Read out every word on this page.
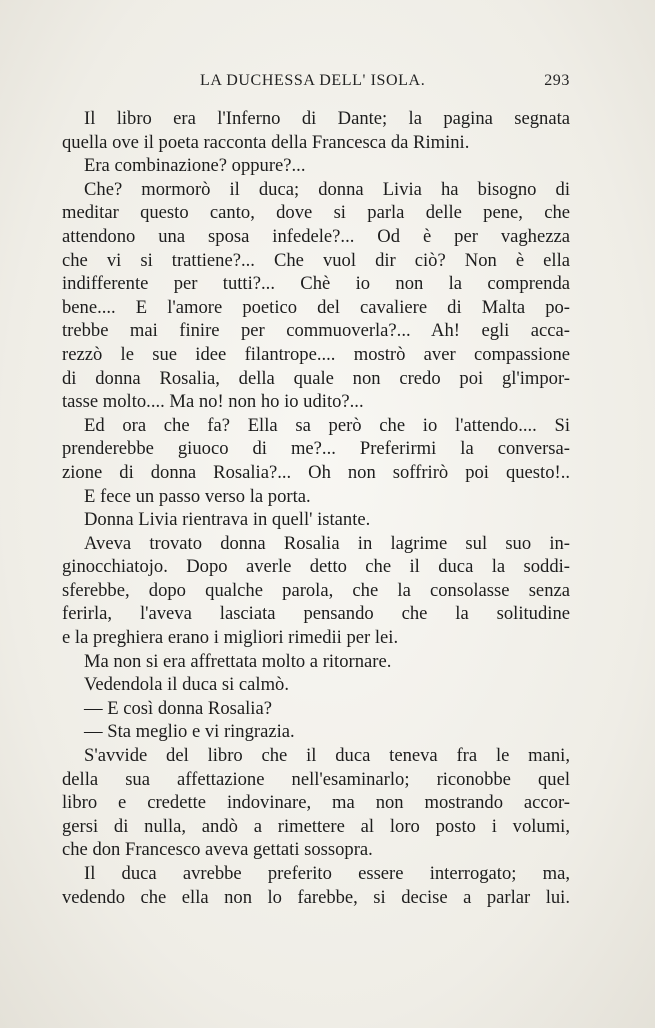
LA DUCHESSA DELL' ISOLA.	293
Il libro era l'Inferno di Dante; la pagina segnata
quella ove il poeta racconta della Francesca da Rimini.
Era combinazione? oppure?...
Che? mormorò il duca; donna Livia ha bisogno di
meditar questo canto, dove si parla delle pene, che
attendono una sposa infedele?... Od è per vaghezza
che vi si trattiene?... Che vuol dir ciò? Non è ella
indifferente per tutti?... Chè io non la comprenda
bene.... E l'amore poetico del cavaliere di Malta po-
trebbe mai finire per commuoverla?... Ah! egli acca-
rezzò le sue idee filantrope.... mostrò aver compassione
di donna Rosalia, della quale non credo poi gl'impor-
tasse molto.... Ma no! non ho io udito?...
Ed ora che fa? Ella sa però che io l'attendo.... Si
prenderebbe giuoco di me?... Preferirmi la conversa-
zione di donna Rosalia?... Oh non soffrirò poi questo!..
E fece un passo verso la porta.
Donna Livia rientrava in quell' istante.
Aveva trovato donna Rosalia in lagrime sul suo in-
ginocchiatojo. Dopo averle detto che il duca la soddi-
sferebbe, dopo qualche parola, che la consolasse senza
ferirla, l'aveva lasciata pensando che la solitudine
e la preghiera erano i migliori rimedii per lei.
Ma non si era affrettata molto a ritornare.
Vedendola il duca si calmò.
— E così donna Rosalia?
— Sta meglio e vi ringrazia.
S'avvide del libro che il duca teneva fra le mani,
della sua affettazione nell'esaminarlo; riconobbe quel
libro e credette indovinare, ma non mostrando accor-
gersi di nulla, andò a rimettere al loro posto i volumi,
che don Francesco aveva gettati sossopra.
Il duca avrebbe preferito essere interrogato; ma,
vedendo che ella non lo farebbe, si decise a parlar lui.
